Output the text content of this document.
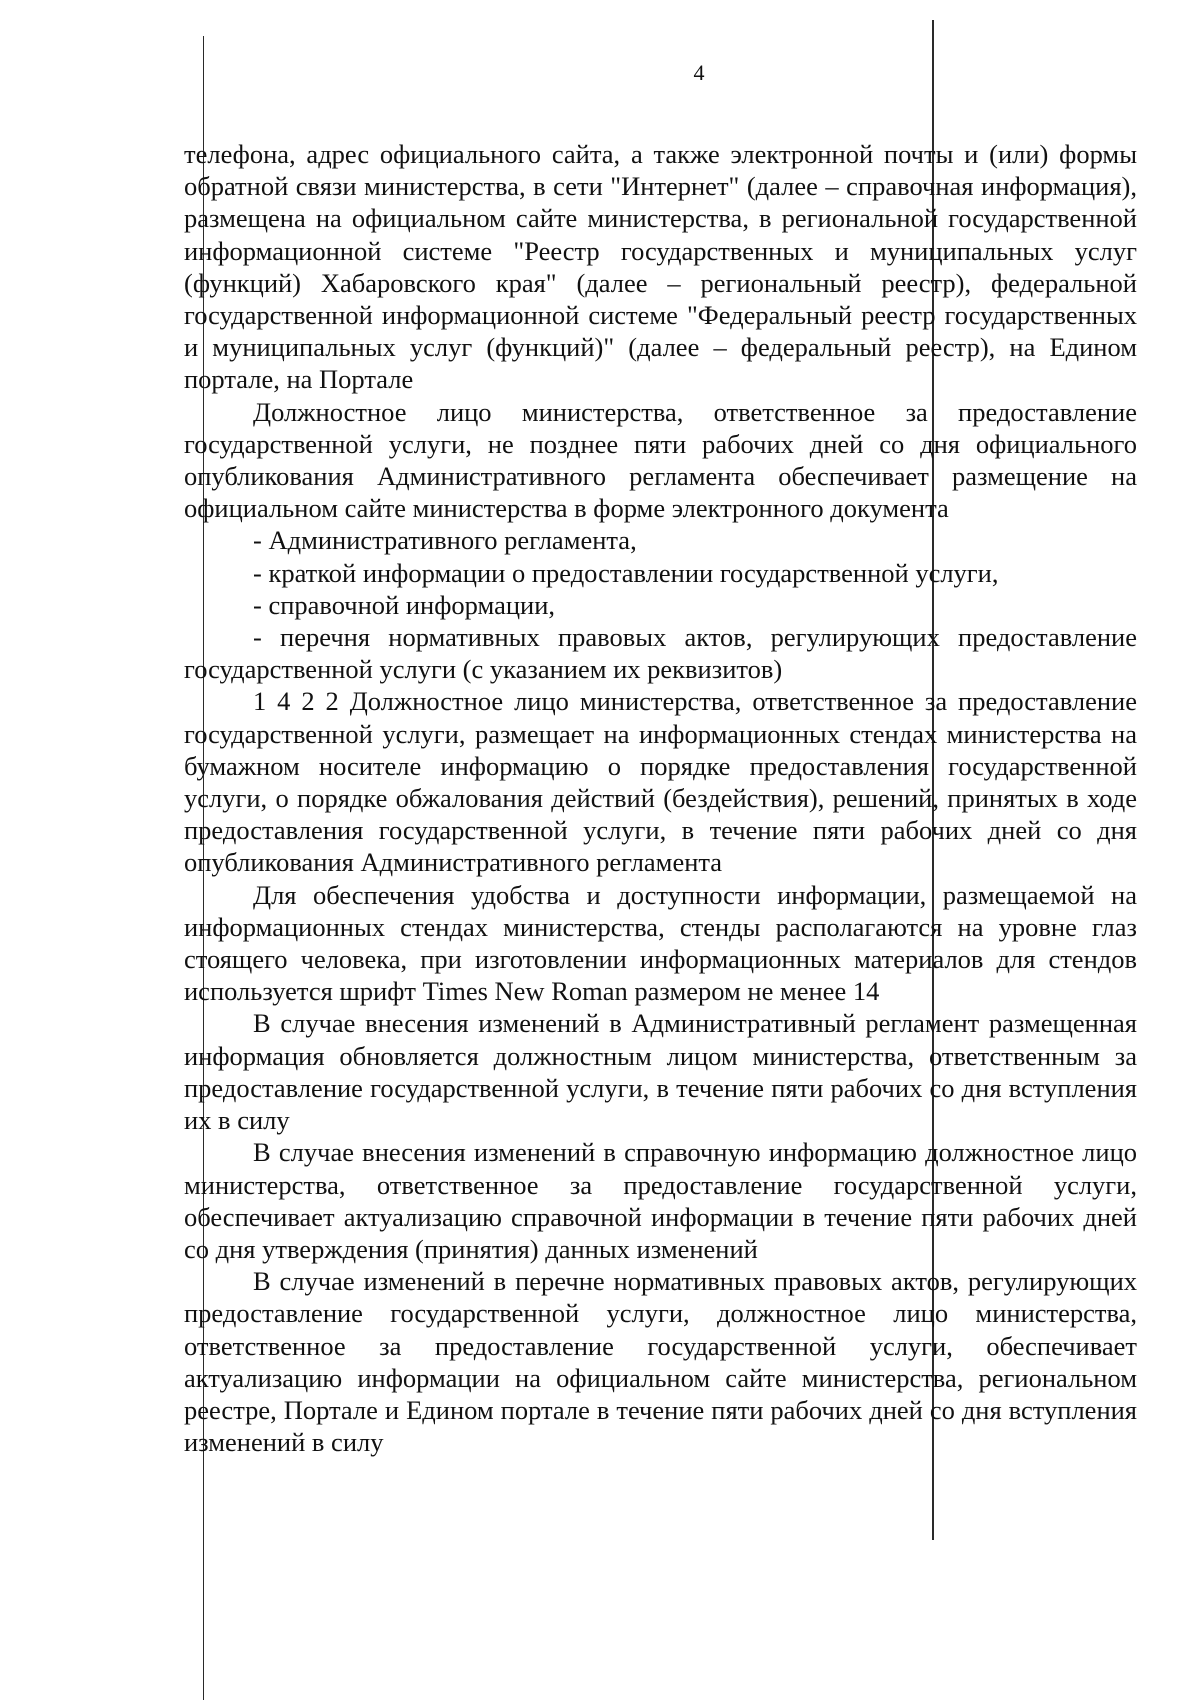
4

телефона, адрес официального сайта, а также электронной почты и (или) формы обратной связи министерства, в сети "Интернет" (далее – справочная информация), размещена на официальном сайте министерства, в региональной государственной информационной системе "Реестр государственных и муниципальных услуг (функций) Хабаровского края" (далее – региональный реестр), федеральной государственной информационной системе "Федеральный реестр государственных и муниципальных услуг (функций)" (далее – федеральный реестр), на Едином портале, на Портале

Должностное лицо министерства, ответственное за предоставление государственной услуги, не позднее пяти рабочих дней со дня официального опубликования Административного регламента обеспечивает размещение на официальном сайте министерства в форме электронного документа

- Административного регламента,

- краткой информации о предоставлении государственной услуги,

- справочной информации,

- перечня нормативных правовых актов, регулирующих предоставление государственной услуги (с указанием их реквизитов)

1 4 2 2 Должностное лицо министерства, ответственное за предоставление государственной услуги, размещает на информационных стендах министерства на бумажном носителе информацию о порядке предоставления государственной услуги, о порядке обжалования действий (бездействия), решений, принятых в ходе предоставления государственной услуги, в течение пяти рабочих дней со дня опубликования Административного регламента

Для обеспечения удобства и доступности информации, размещаемой на информационных стендах министерства, стенды располагаются на уровне глаз стоящего человека, при изготовлении информационных материалов для стендов используется шрифт Times New Roman размером не менее 14

В случае внесения изменений в Административный регламент размещенная информация обновляется должностным лицом министерства, ответственным за предоставление государственной услуги, в течение пяти рабочих со дня вступления их в силу

В случае внесения изменений в справочную информацию должностное лицо министерства, ответственное за предоставление государственной услуги, обеспечивает актуализацию справочной информации в течение пяти рабочих дней со дня утверждения (принятия) данных изменений

В случае изменений в перечне нормативных правовых актов, регулирующих предоставление государственной услуги, должностное лицо министерства, ответственное за предоставление государственной услуги, обеспечивает актуализацию информации на официальном сайте министерства, региональном реестре, Портале и Едином портале в течение пяти рабочих дней со дня вступления изменений в силу
